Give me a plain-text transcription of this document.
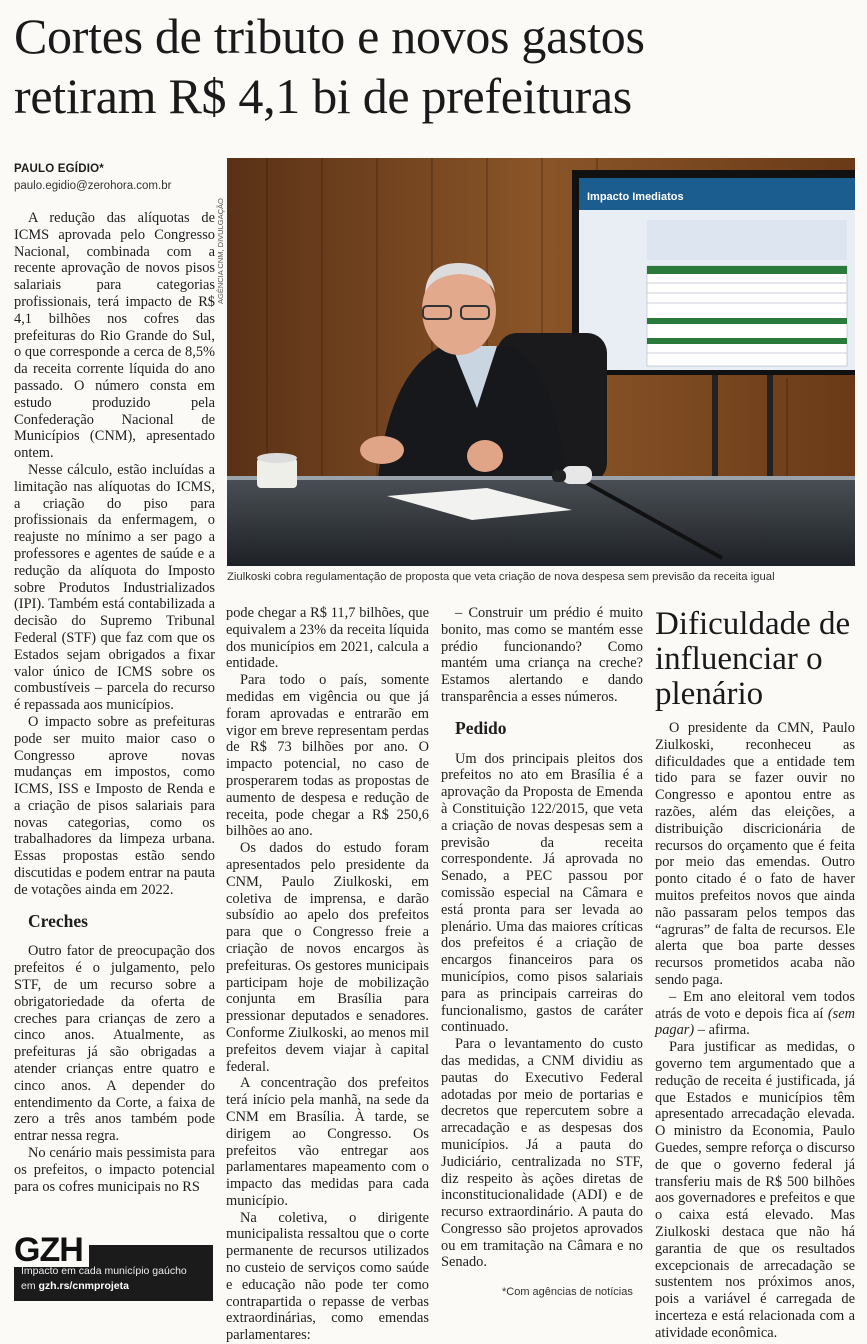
Cortes de tributo e novos gastos
retiram R$ 4,1 bi de prefeituras
PAULO EGÍDIO*
paulo.egidio@zerohora.com.br
AGÊNCIA CNM, DIVULGAÇÃO
Impacto Imediatos
Ziulkoski cobra regulamentação de proposta que veta criação de nova despesa sem previsão da receita igual

A redução das alíquotas de ICMS aprovada pelo Congresso Nacional, combinada com a recente aprovação de novos pisos salariais para categorias profissionais, terá impacto de R$ 4,1 bilhões nos cofres das prefeituras do Rio Grande do Sul, o que corresponde a cerca de 8,5% da receita corrente líquida do ano passado. O número consta em estudo produzido pela Confederação Nacional de Municípios (CNM), apresentado ontem.

Nesse cálculo, estão incluídas a limitação nas alíquotas do ICMS, a criação do piso para profissionais da enfermagem, o reajuste no mínimo a ser pago a professores e agentes de saúde e a redução da alíquota do Imposto sobre Produtos Industrializados (IPI). Também está contabilizada a decisão do Supremo Tribunal Federal (STF) que faz com que os Estados sejam obrigados a fixar valor único de ICMS sobre os combustíveis – parcela do recurso é repassada aos municípios.

O impacto sobre as prefeituras pode ser muito maior caso o Congresso aprove novas mudanças em impostos, como ICMS, ISS e Imposto de Renda e a criação de pisos salariais para novas categorias, como os trabalhadores da limpeza urbana. Essas propostas estão sendo discutidas e podem entrar na pauta de votações ainda em 2022.

Creches

Outro fator de preocupação dos prefeitos é o julgamento, pelo STF, de um recurso sobre a obrigatoriedade da oferta de creches para crianças de zero a cinco anos. Atualmente, as prefeituras já são obrigadas a atender crianças entre quatro e cinco anos. A depender do entendimento da Corte, a faixa de zero a três anos também pode entrar nessa regra.

No cenário mais pessimista para os prefeitos, o impacto potencial para os cofres municipais no RS

GZH
Impacto em cada município gaúcho
em gzh.rs/cnmprojeta

pode chegar a R$ 11,7 bilhões, que equivalem a 23% da receita líquida dos municípios em 2021, calcula a entidade.

Para todo o país, somente medidas em vigência ou que já foram aprovadas e entrarão em vigor em breve representam perdas de R$ 73 bilhões por ano. O impacto potencial, no caso de prosperarem todas as propostas de aumento de despesa e redução de receita, pode chegar a R$ 250,6 bilhões ao ano.

Os dados do estudo foram apresentados pelo presidente da CNM, Paulo Ziulkoski, em coletiva de imprensa, e darão subsídio ao apelo dos prefeitos para que o Congresso freie a criação de novos encargos às prefeituras. Os gestores municipais participam hoje de mobilização conjunta em Brasília para pressionar deputados e senadores. Conforme Ziulkoski, ao menos mil prefeitos devem viajar à capital federal.

A concentração dos prefeitos terá início pela manhã, na sede da CNM em Brasília. À tarde, se dirigem ao Congresso. Os prefeitos vão entregar aos parlamentares mapeamento com o impacto das medidas para cada município.

Na coletiva, o dirigente municipalista ressaltou que o corte permanente de recursos utilizados no custeio de serviços como saúde e educação não pode ter como contrapartida o repasse de verbas extraordinárias, como emendas parlamentares:

– Construir um prédio é muito bonito, mas como se mantém esse prédio funcionando? Como mantém uma criança na creche? Estamos alertando e dando transparência a esses números.

Pedido

Um dos principais pleitos dos prefeitos no ato em Brasília é a aprovação da Proposta de Emenda à Constituição 122/2015, que veta a criação de novas despesas sem a previsão da receita correspondente. Já aprovada no Senado, a PEC passou por comissão especial na Câmara e está pronta para ser levada ao plenário. Uma das maiores críticas dos prefeitos é a criação de encargos financeiros para os municípios, como pisos salariais para as principais carreiras do funcionalismo, gastos de caráter continuado.

Para o levantamento do custo das medidas, a CNM dividiu as pautas do Executivo Federal adotadas por meio de portarias e decretos que repercutem sobre a arrecadação e as despesas dos municípios. Já a pauta do Judiciário, centralizada no STF, diz respeito às ações diretas de inconstitucionalidade (ADI) e de recurso extraordinário. A pauta do Congresso são projetos aprovados ou em tramitação na Câmara e no Senado.

*Com agências de notícias
Dificuldade de influenciar o plenário

O presidente da CMN, Paulo Ziulkoski, reconheceu as dificuldades que a entidade tem tido para se fazer ouvir no Congresso e apontou entre as razões, além das eleições, a distribuição discricionária de recursos do orçamento que é feita por meio das emendas. Outro ponto citado é o fato de haver muitos prefeitos novos que ainda não passaram pelos tempos das “agruras” de falta de recursos. Ele alerta que boa parte desses recursos prometidos acaba não sendo paga.

– Em ano eleitoral vem todos atrás de voto e depois fica aí (sem pagar) – afirma.

Para justificar as medidas, o governo tem argumentado que a redução de receita é justificada, já que Estados e municípios têm apresentado arrecadação elevada. O ministro da Economia, Paulo Guedes, sempre reforça o discurso de que o governo federal já transferiu mais de R$ 500 bilhões aos governadores e prefeitos e que o caixa está elevado. Mas Ziulkoski destaca que não há garantia de que os resultados excepcionais de arrecadação se sustentem nos próximos anos, pois a variável é carregada de incerteza e está relacionada com a atividade econômica.
